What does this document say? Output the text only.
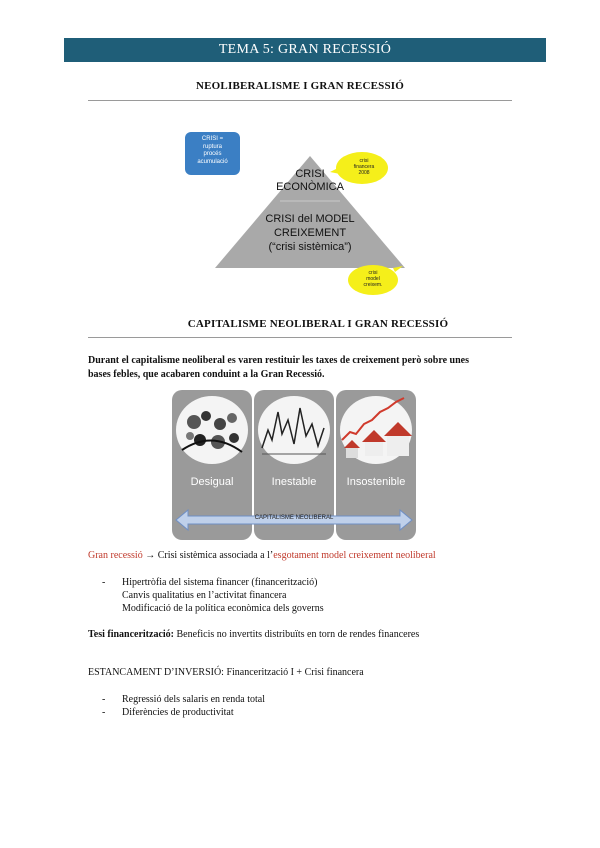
TEMA 5: GRAN RECESSIÓ
NEOLIBERALISME I GRAN RECESSIÓ
CRISI =
ruptura
procés
acumulació
CRISI
ECONÒMICA
CRISI del MODEL
CREIXEMENT
(“crisi sistèmica”)
crisi
financera
2008
crisi
model
creixem.
CAPITALISME NEOLIBERAL I GRAN RECESSIÓ
Durant el capitalisme neoliberal es varen restituir les taxes de creixement però sobre unes
bases febles, que acabaren conduint a la Gran Recessió.
Desigual	Inestable	Insostenible
CAPITALISME NEOLIBERAL
Gran recessió → Crisi sistèmica associada a l’esgotament model creixement neoliberal
- Hipertròfia del sistema financer (financerització)
Canvis qualitatius en l’activitat financera
Modificació de la política econòmica dels governs
Tesi financerització: Beneficis no invertits distribuïts en torn de rendes financeres
ESTANCAMENT D’INVERSIÓ: Financerització I + Crisi financera
- Regressió dels salaris en renda total
- Diferències de productivitat
